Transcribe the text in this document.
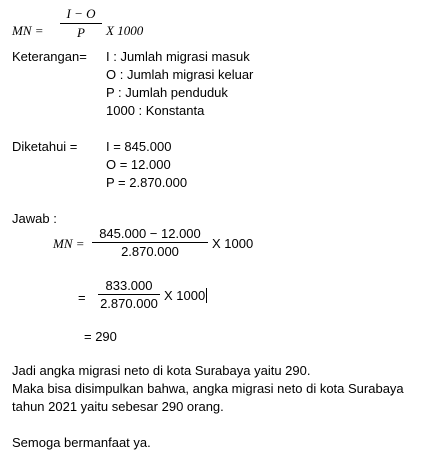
MN =
I − O
P	X 1000
Keterangan= I : Jumlah migrasi masuk
O : Jumlah migrasi keluar
P : Jumlah penduduk
1000 : Konstanta
Diketahui = I = 845.000
O = 12.000
P = 2.870.000
Jawab :
MN =
845.000 − 12.000
2.870.000
X 1000
=
833.000
2.870.000
X 1000
= 290
Jadi angka migrasi neto di kota Surabaya yaitu 290.
Maka bisa disimpulkan bahwa, angka migrasi neto di kota Surabaya
tahun 2021 yaitu sebesar 290 orang.
Semoga bermanfaat ya.
